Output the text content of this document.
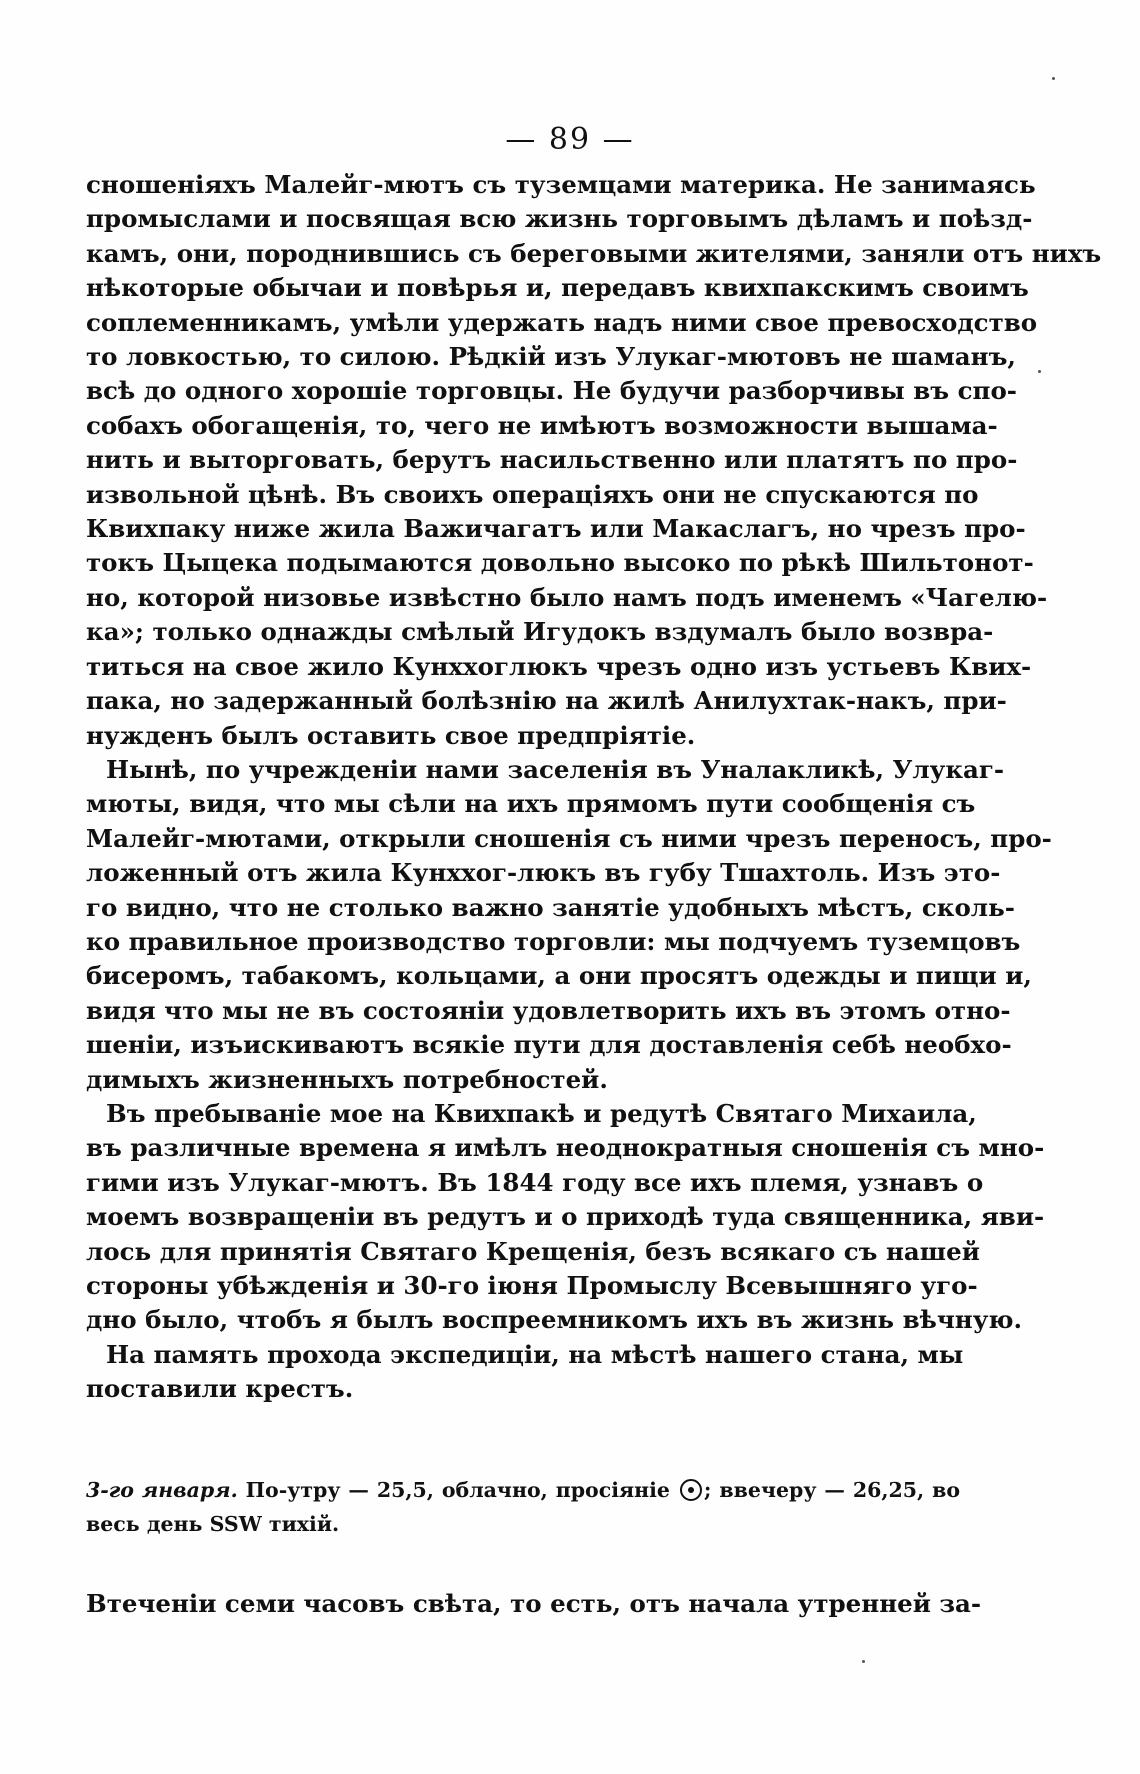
— 89 —

сношеніяхъ Малейг-мютъ съ туземцами материка. Не занимаясь
промыслами и посвящая всю жизнь торговымъ дѣламъ и поѣзд-
камъ, они, породнившись съ береговыми жителями, заняли отъ нихъ
нѣкоторые обычаи и повѣрья и, передавъ квихпакскимъ своимъ
соплеменникамъ, умѣли удержать надъ ними свое превосходство
то ловкостью, то силою. Рѣдкій изъ Улукаг-мютовъ не шаманъ,
всѣ до одного хорошіе торговцы. Не будучи разборчивы въ спо-
собахъ обогащенія, то, чего не имѣютъ возможности вышама-
нить и выторговать, берутъ насильственно или платятъ по про-
извольной цѣнѣ. Въ своихъ операціяхъ они не спускаются по
Квихпаку ниже жила Важичагатъ или Макаслагъ, но чрезъ про-
токъ Цыцека подымаются довольно высоко по рѣкѣ Шильтонот-
но, которой низовье извѣстно было намъ подъ именемъ «Чагелю-
ка»; только однажды смѣлый Игудокъ вздумалъ было возвра-
титься на свое жило Кунххоглюкъ чрезъ одно изъ устьевъ Квих-
пака, но задержанный болѣзнію на жилѣ Анилухтак-накъ, при-
нужденъ былъ оставить свое предпріятіе.

Нынѣ, по учрежденіи нами заселенія въ Уналакликѣ, Улукаг-
мюты, видя, что мы сѣли на ихъ прямомъ пути сообщенія съ
Малейг-мютами, открыли сношенія съ ними чрезъ переносъ, про-
ложенный отъ жила Кунххог-люкъ въ губу Тшахтоль. Изъ это-
го видно, что не столько важно занятіе удобныхъ мѣстъ, сколь-
ко правильное производство торговли: мы подчуемъ туземцовъ
бисеромъ, табакомъ, кольцами, а они просятъ одежды и пищи и,
видя что мы не въ состояніи удовлетворить ихъ въ этомъ отно-
шеніи, изъискиваютъ всякіе пути для доставленія себѣ необхо-
димыхъ жизненныхъ потребностей.

Въ пребываніе мое на Квихпакѣ и редутѣ Святаго Михаила,
въ различные времена я имѣлъ неоднократныя сношенія съ мно-
гими изъ Улукаг-мютъ. Въ 1844 году все ихъ племя, узнавъ о
моемъ возвращеніи въ редутъ и о приходѣ туда священника, яви-
лось для принятія Святаго Крещенія, безъ всякаго съ нашей
стороны убѣжденія и 30-го іюня Промыслу Всевышняго уго-
дно было, чтобъ я былъ воспреемникомъ ихъ въ жизнь вѣчную.

На память прохода экспедиціи, на мѣстѣ нашего стана, мы
поставили крестъ.

3-го января. По-утру — 25,5, облачно, просіяніе ; ввечеру — 26,25, во
весь день SSW тихій.
Втеченіи семи часовъ свѣта, то есть, отъ начала утренней за-
